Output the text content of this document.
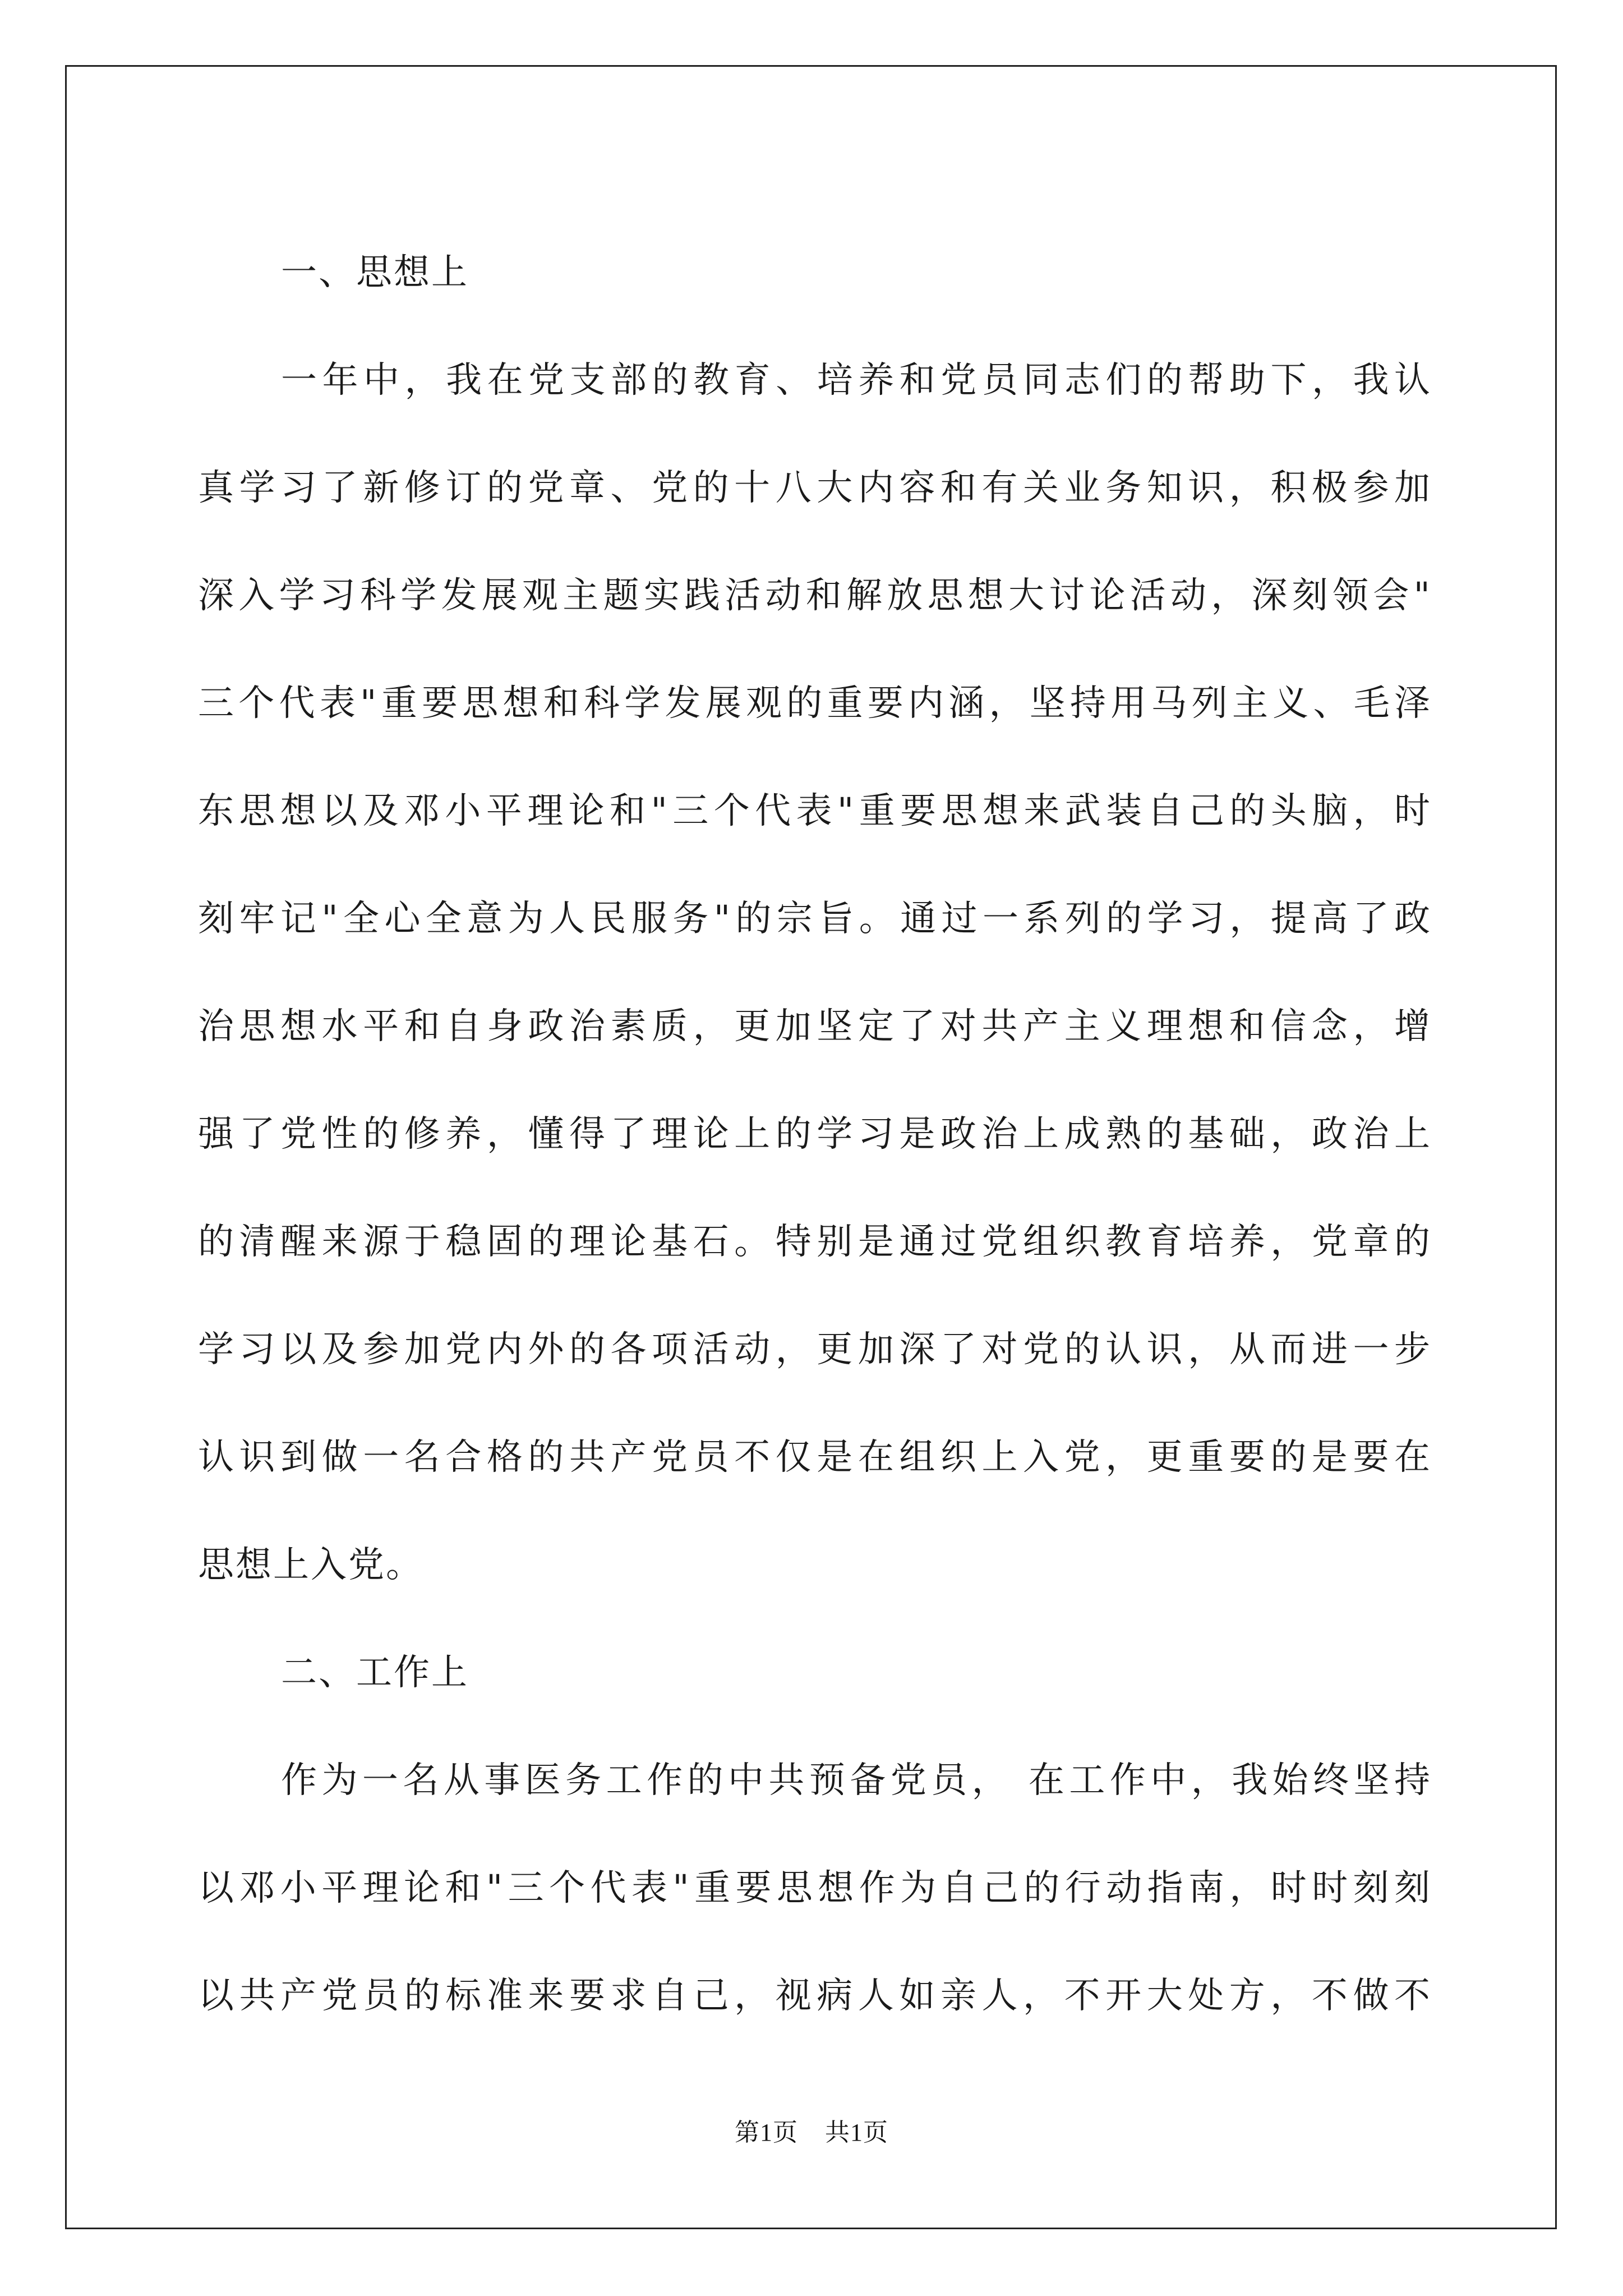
一、思想上
一年中，我在党支部的教育、培养和党员同志们的帮助下，我认
真学习了新修订的党章、党的十八大内容和有关业务知识，积极参加
深入学习科学发展观主题实践活动和解放思想大讨论活动，深刻领会"
三个代表"重要思想和科学发展观的重要内涵，坚持用马列主义、毛泽
东思想以及邓小平理论和"三个代表"重要思想来武装自己的头脑，时
刻牢记"全心全意为人民服务"的宗旨。通过一系列的学习，提高了政
治思想水平和自身政治素质，更加坚定了对共产主义理想和信念，增
强了党性的修养，懂得了理论上的学习是政治上成熟的基础，政治上
的清醒来源于稳固的理论基石。特别是通过党组织教育培养，党章的
学习以及参加党内外的各项活动，更加深了对党的认识，从而进一步
认识到做一名合格的共产党员不仅是在组织上入党，更重要的是要在
思想上入党。
二、工作上
作为一名从事医务工作的中共预备党员， 在工作中，我始终坚持
以邓小平理论和"三个代表"重要思想作为自己的行动指南，时时刻刻
以共产党员的标准来要求自己，视病人如亲人，不开大处方，不做不
第1页 共1页
